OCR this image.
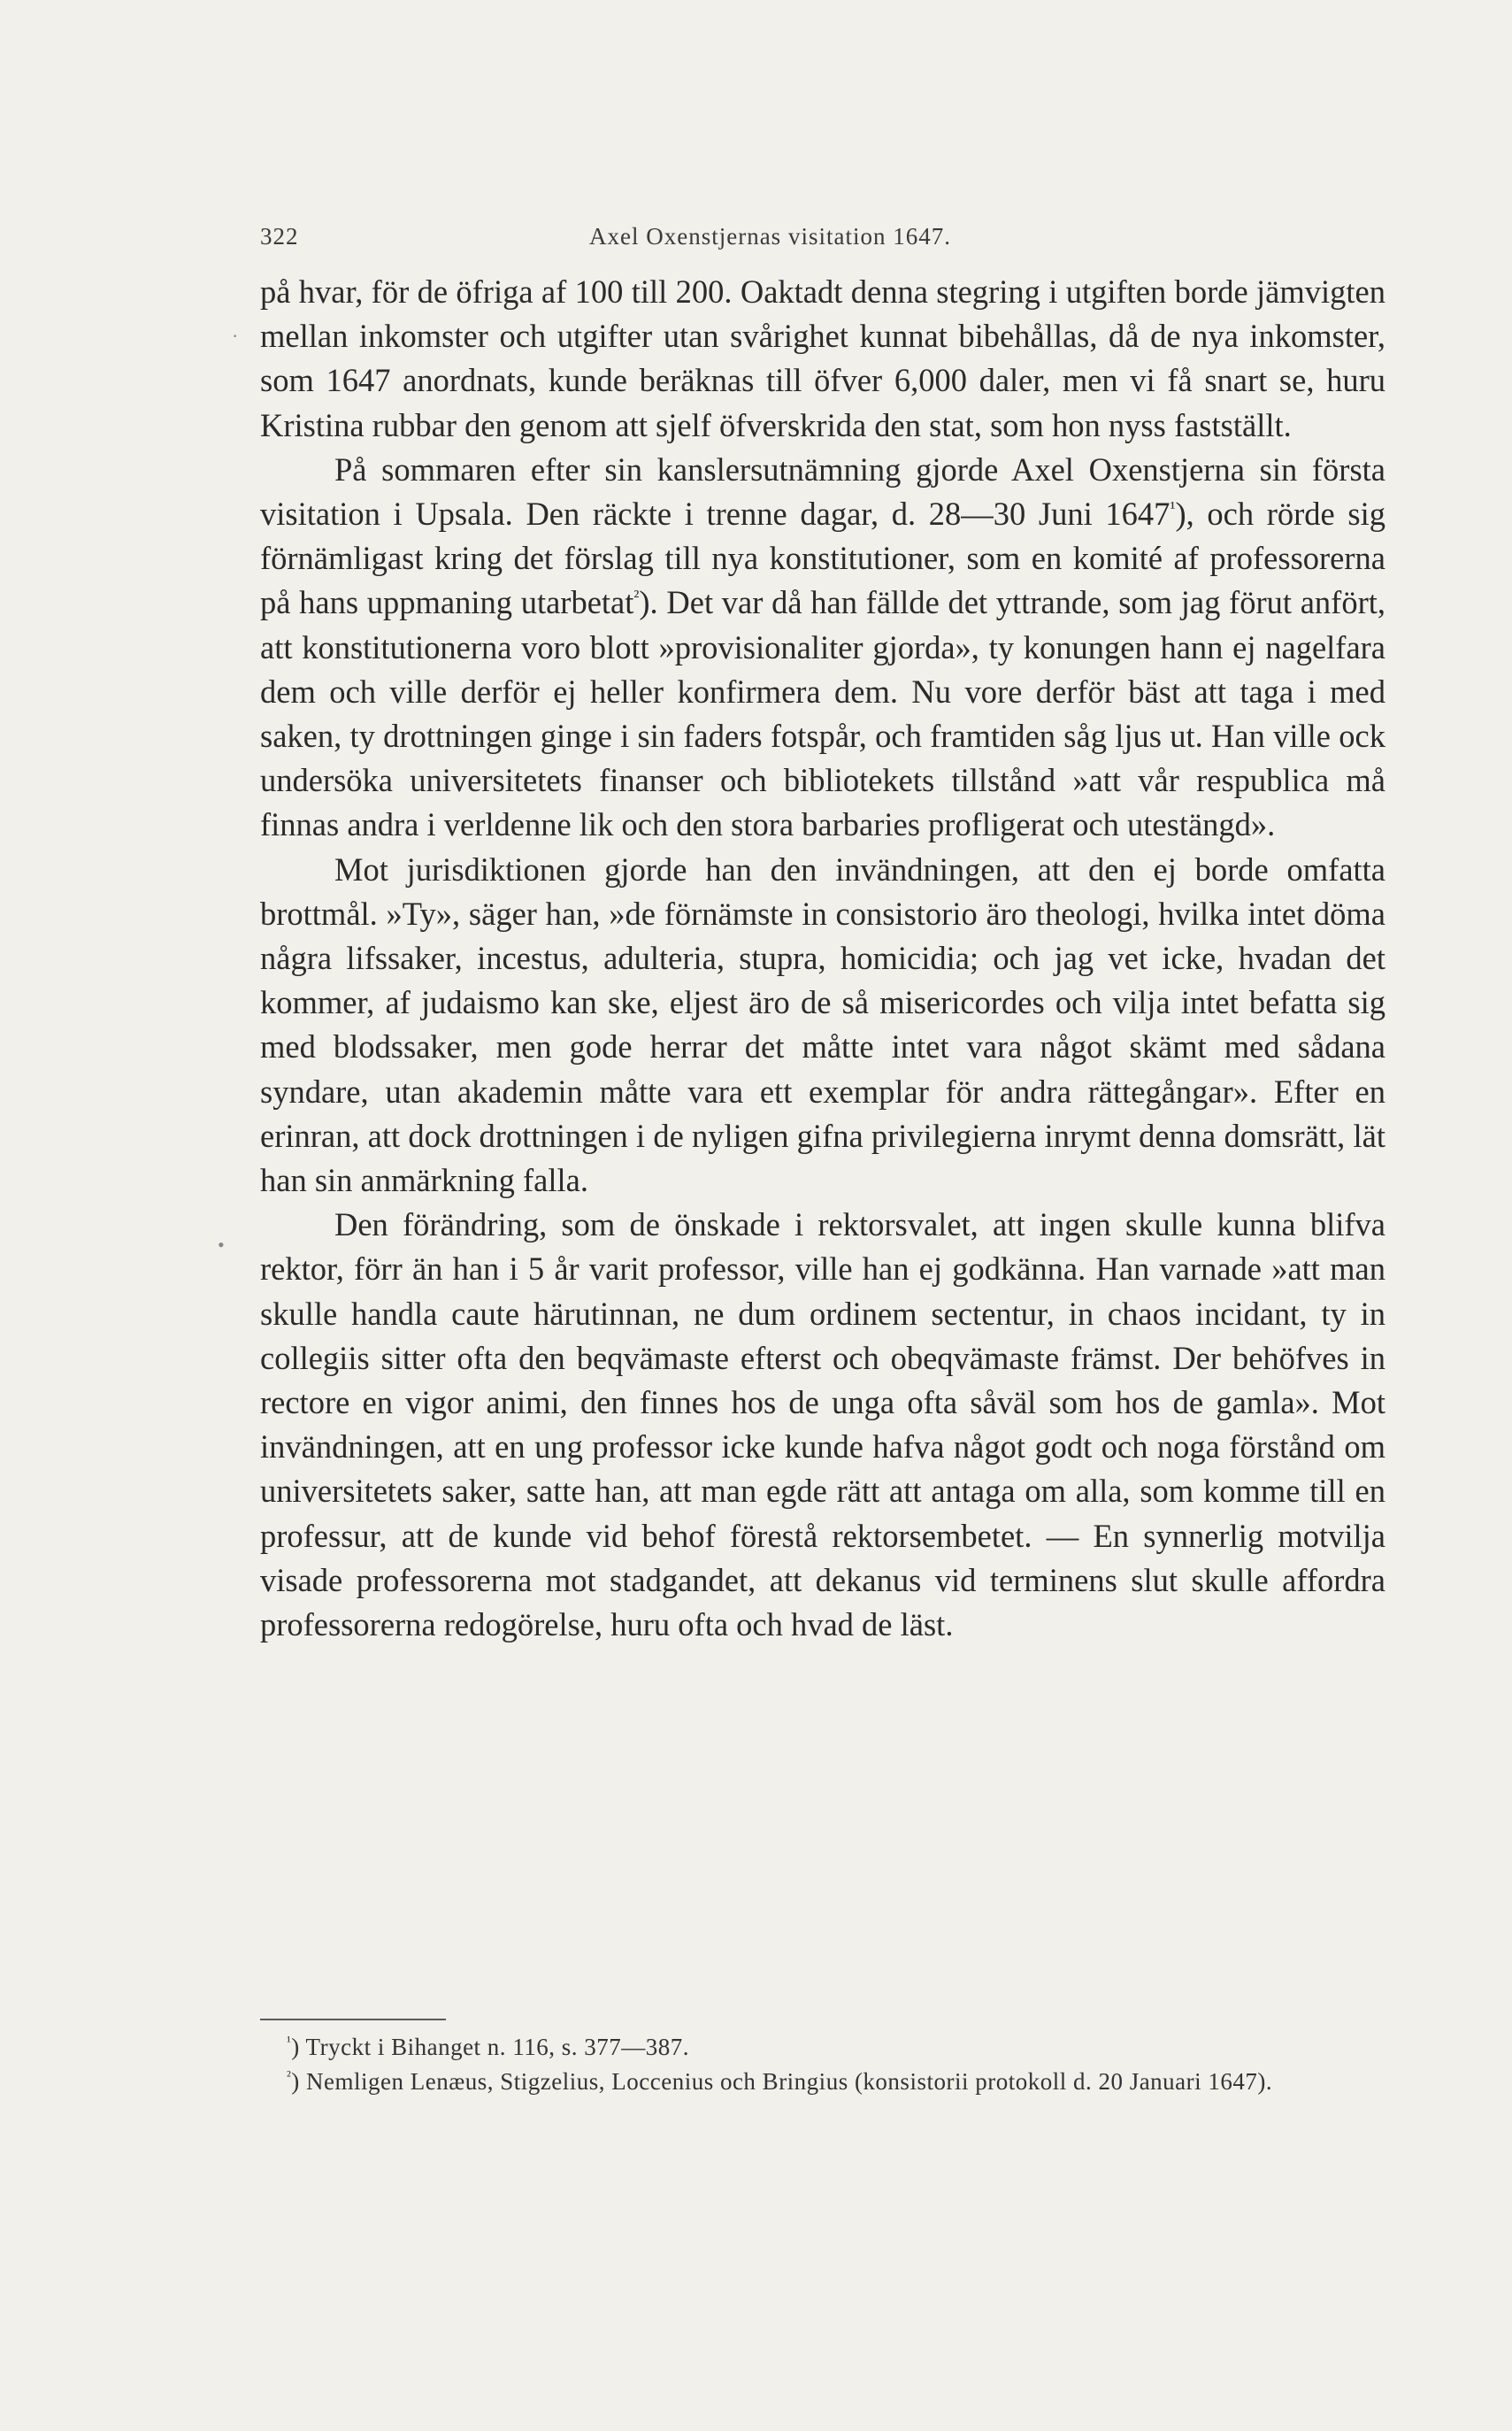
322	Axel Oxenstjernas visitation 1647.
·
•

på hvar, för de öfriga af 100 till 200. Oaktadt denna stegring i utgiften borde jämvigten mellan inkomster och utgifter utan svårighet kunnat bibehållas, då de nya inkomster, som 1647 anordnats, kunde beräknas till öfver 6,000 daler, men vi få snart se, huru Kristina rubbar den genom att sjelf öfverskrida den stat, som hon nyss fastställt.

På sommaren efter sin kanslersutnämning gjorde Axel Oxenstjerna sin första visitation i Upsala. Den räckte i trenne dagar, d. 28—30 Juni $1647^{^1}$), och rörde sig förnämligast kring det förslag till nya konstitutioner, som en komité af professorerna på hans uppmaning utarbetat$^{^2}$). Det var då han fällde det yttrande, som jag förut anfört, att konstitutionerna voro blott »provisionaliter gjorda», ty konungen hann ej nagelfara dem och ville derför ej heller konfirmera dem. Nu vore derför bäst att taga i med saken, ty drottningen ginge i sin faders fotspår, och framtiden såg ljus ut. Han ville ock undersöka universitetets finanser och bibliotekets tillstånd »att vår respublica må finnas andra i verldenne lik och den stora barbaries profligerat och utestängd».

Mot jurisdiktionen gjorde han den invändningen, att den ej borde omfatta brottmål. »Ty», säger han, »de förnämste in consistorio äro theologi, hvilka intet döma några lifssaker, incestus, adulteria, stupra, homicidia; och jag vet icke, hvadan det kommer, af judaismo kan ske, eljest äro de så misericordes och vilja intet befatta sig med blodssaker, men gode herrar det måtte intet vara något skämt med sådana syndare, utan akademin måtte vara ett exemplar för andra rättegångar». Efter en erinran, att dock drottningen i de nyligen gifna privilegierna inrymt denna domsrätt, lät han sin anmärkning falla.

Den förändring, som de önskade i rektorsvalet, att ingen skulle kunna blifva rektor, förr än han i 5 år varit professor, ville han ej godkänna. Han varnade »att man skulle handla caute härutinnan, ne dum ordinem sectentur, in chaos incidant, ty in collegiis sitter ofta den beqvämaste efterst och obeqvämaste främst. Der behöfves in rectore en vigor animi, den finnes hos de unga ofta såväl som hos de gamla». Mot invändningen, att en ung professor icke kunde hafva något godt och noga förstånd om universitetets saker, satte han, att man egde rätt att antaga om alla, som komme till en professur, att de kunde vid behof förestå rektorsembetet. — En synnerlig motvilja visade professorerna mot stadgandet, att dekanus vid terminens slut skulle affordra professorerna redogörelse, huru ofta och hvad de läst.

$^{^1}$) Tryckt i Bihanget n. 116, s. 377—387.

$^{^2}$) Nemligen Lenæus, Stigzelius, Loccenius och Bringius (konsistorii protokoll d. 20 Januari 1647).
